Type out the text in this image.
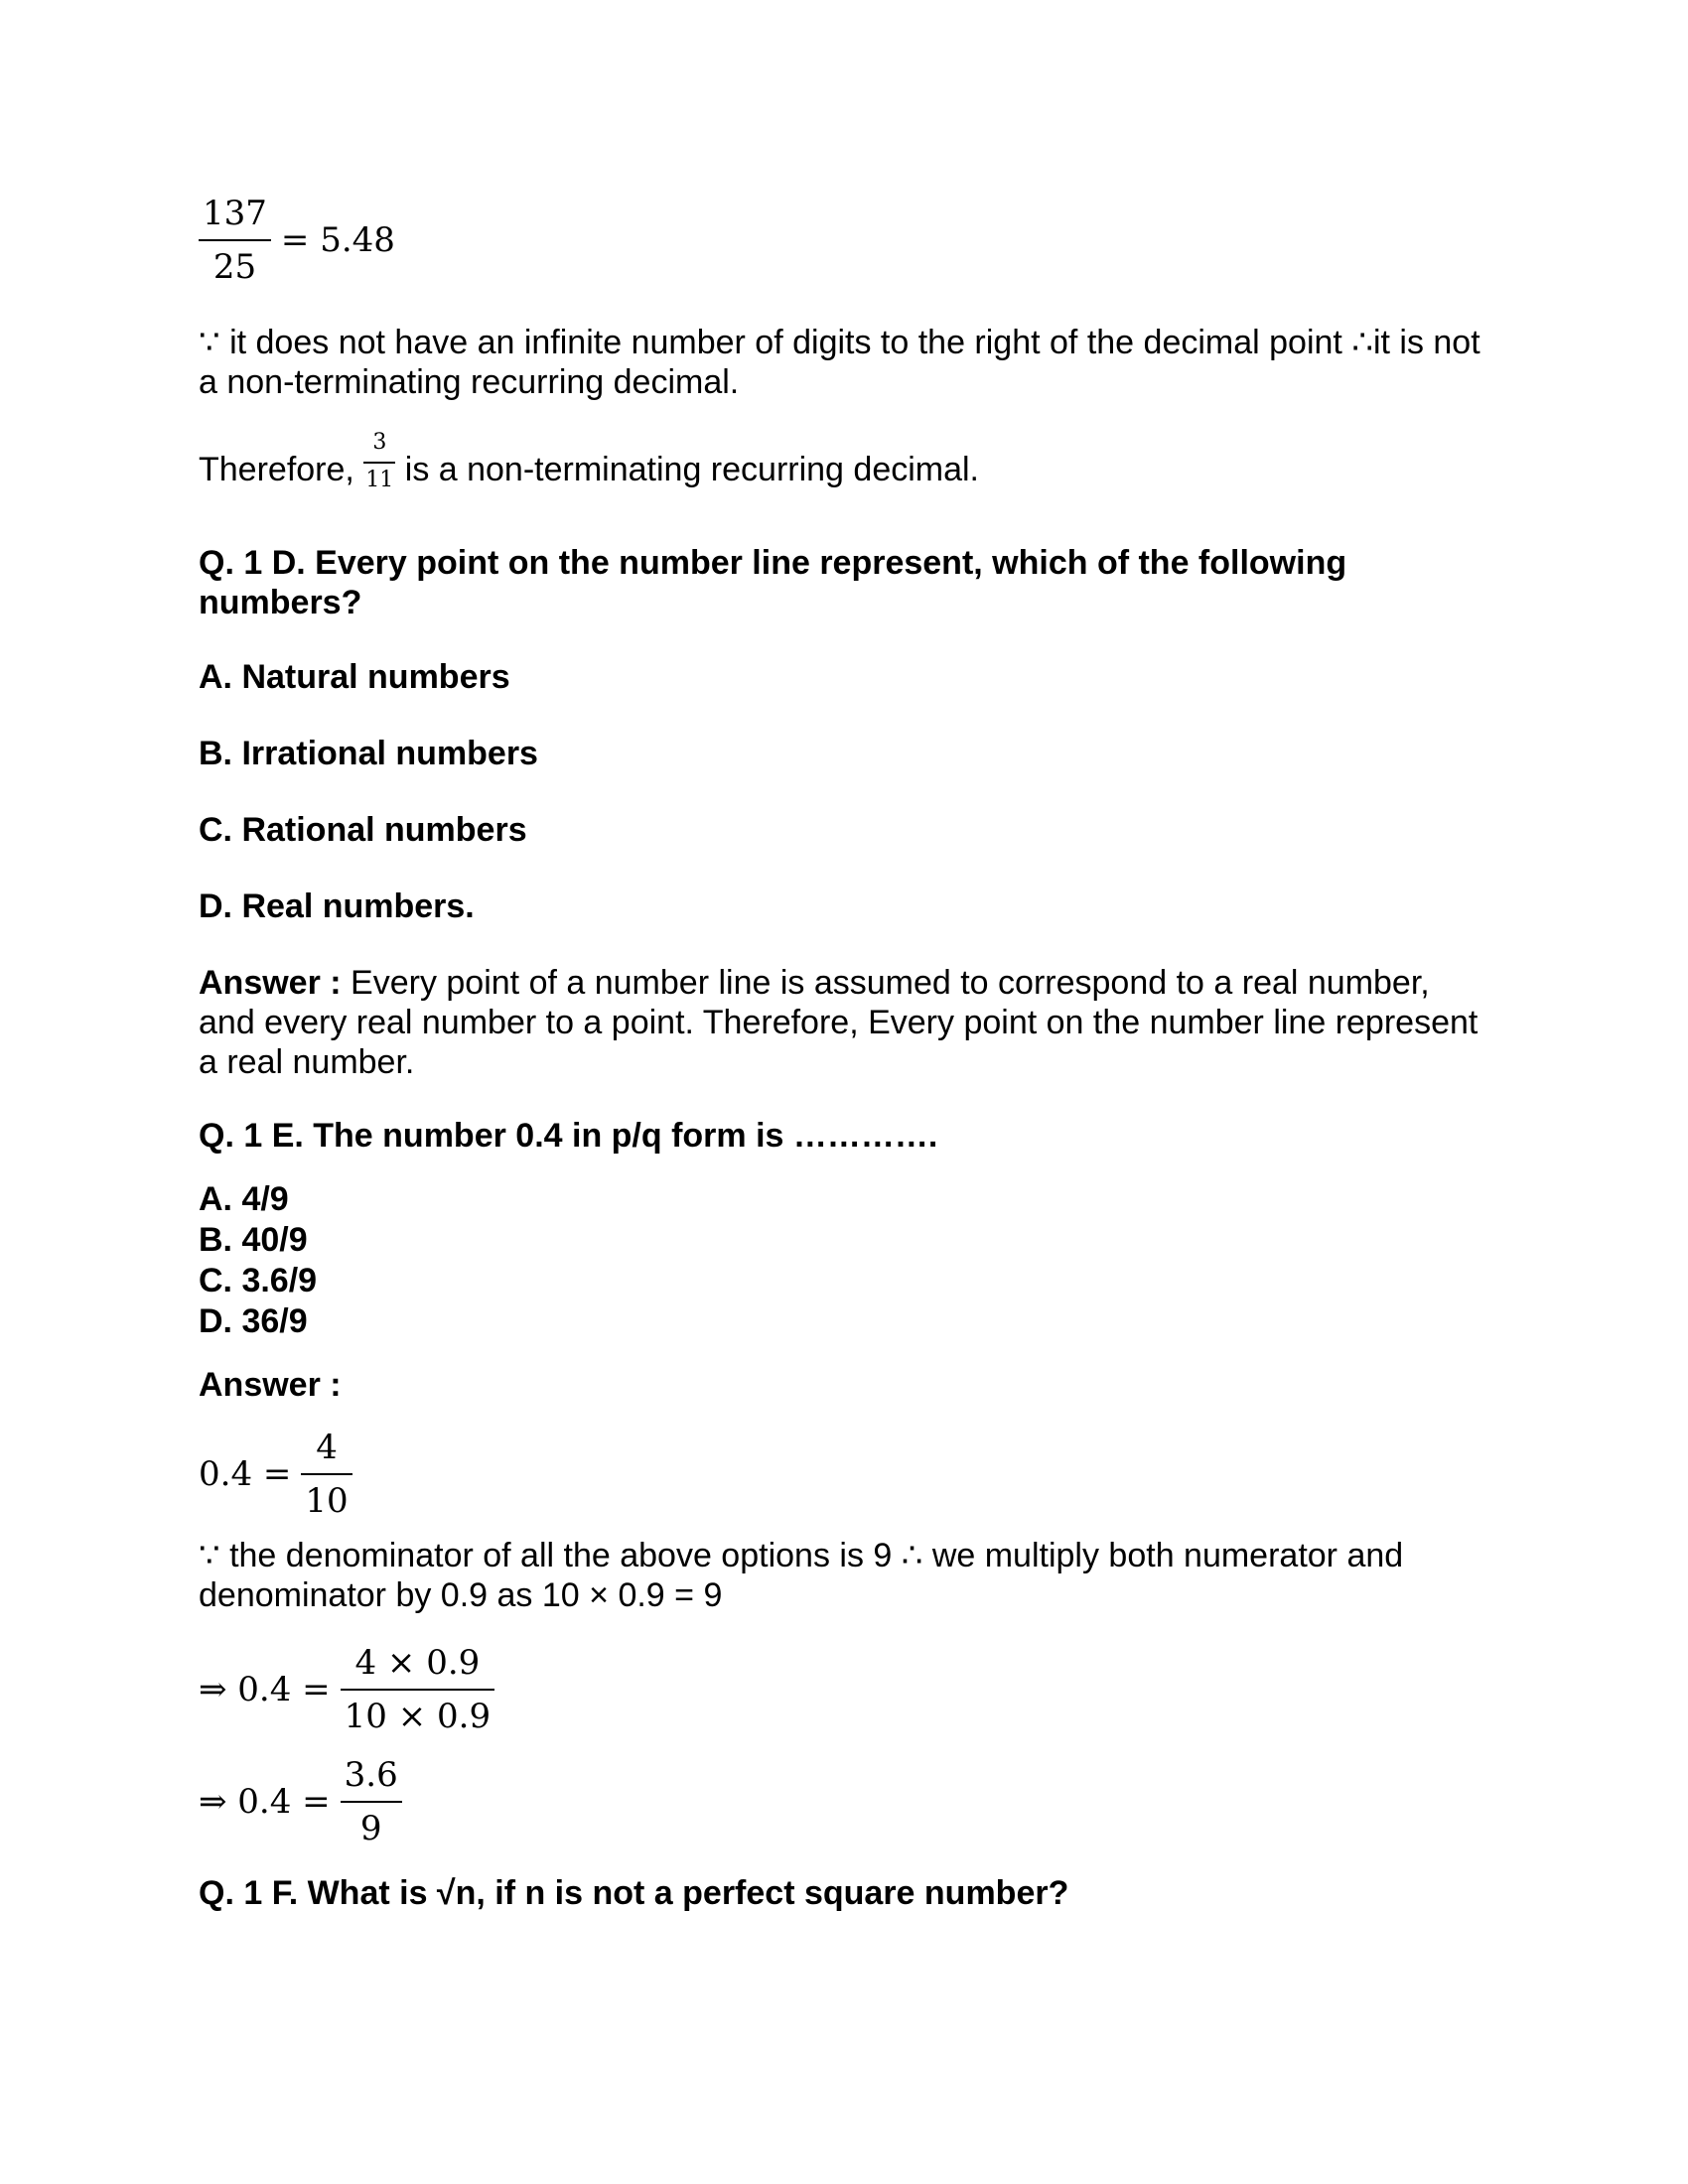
$\frac{137}{25} = 5.48$

∵ it does not have an infinite number of digits to the right of the decimal point ∴it is not a non-terminating recurring decimal.

Therefore, $\frac{3}{11}$ is a non-terminating recurring decimal.

Q. 1 D. Every point on the number line represent, which of the following numbers?

A. Natural numbers

B. Irrational numbers

C. Rational numbers

D. Real numbers.

Answer : Every point of a number line is assumed to correspond to a real number, and every real number to a point. Therefore, Every point on the number line represent a real number.

Q. 1 E. The number 0.4 in p/q form is ………….

A. 4/9

B. 40/9

C. 3.6/9

D. 36/9

Answer :

$0.4 = \frac{4}{10}$

∵ the denominator of all the above options is 9 ∴ we multiply both numerator and denominator by 0.9 as 10 × 0.9 = 9

⇒ $0.4 = \frac{4 \times 0.9}{10 \times 0.9}$
⇒ $0.4 = \frac{3.6}{9}$

Q. 1 F. What is √n, if n is not a perfect square number?
